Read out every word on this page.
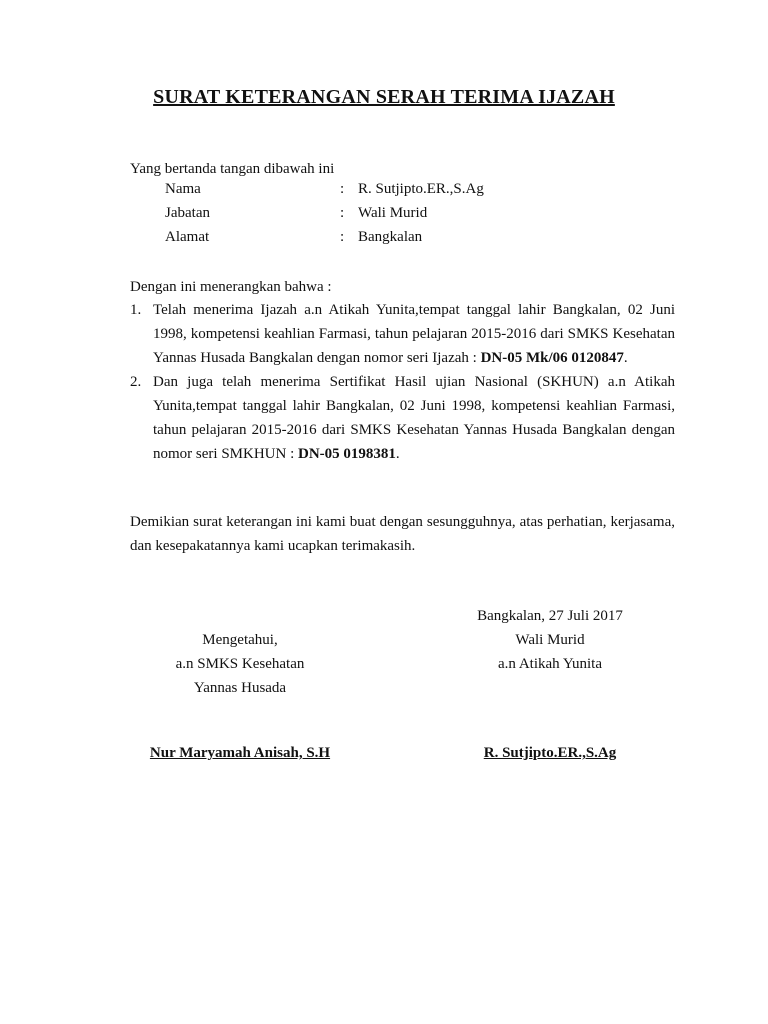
SURAT KETERANGAN SERAH TERIMA IJAZAH
Yang bertanda tangan dibawah ini
Nama	: R. Sutjipto.ER.,S.Ag
Jabatan	: Wali Murid
Alamat	: Bangkalan
Dengan ini menerangkan bahwa :
1. Telah menerima Ijazah a.n Atikah Yunita,tempat tanggal lahir Bangkalan, 02 Juni 1998, kompetensi keahlian Farmasi, tahun pelajaran 2015-2016 dari SMKS Kesehatan Yannas Husada Bangkalan dengan nomor seri Ijazah : DN-05 Mk/06 0120847.
2. Dan juga telah menerima Sertifikat Hasil ujian Nasional (SKHUN) a.n Atikah Yunita,tempat tanggal lahir Bangkalan, 02 Juni 1998, kompetensi keahlian Farmasi, tahun pelajaran 2015-2016 dari SMKS Kesehatan Yannas Husada Bangkalan dengan nomor seri SMKHUN : DN-05 0198381.
Demikian surat keterangan ini kami buat dengan sesungguhnya, atas perhatian, kerjasama, dan kesepakatannya kami ucapkan terimakasih.
Mengetahui,
a.n SMKS Kesehatan
Yannas Husada
Bangkalan, 27 Juli 2017
Wali Murid
a.n Atikah Yunita
Nur Maryamah Anisah, S.H	R. Sutjipto.ER.,S.Ag
